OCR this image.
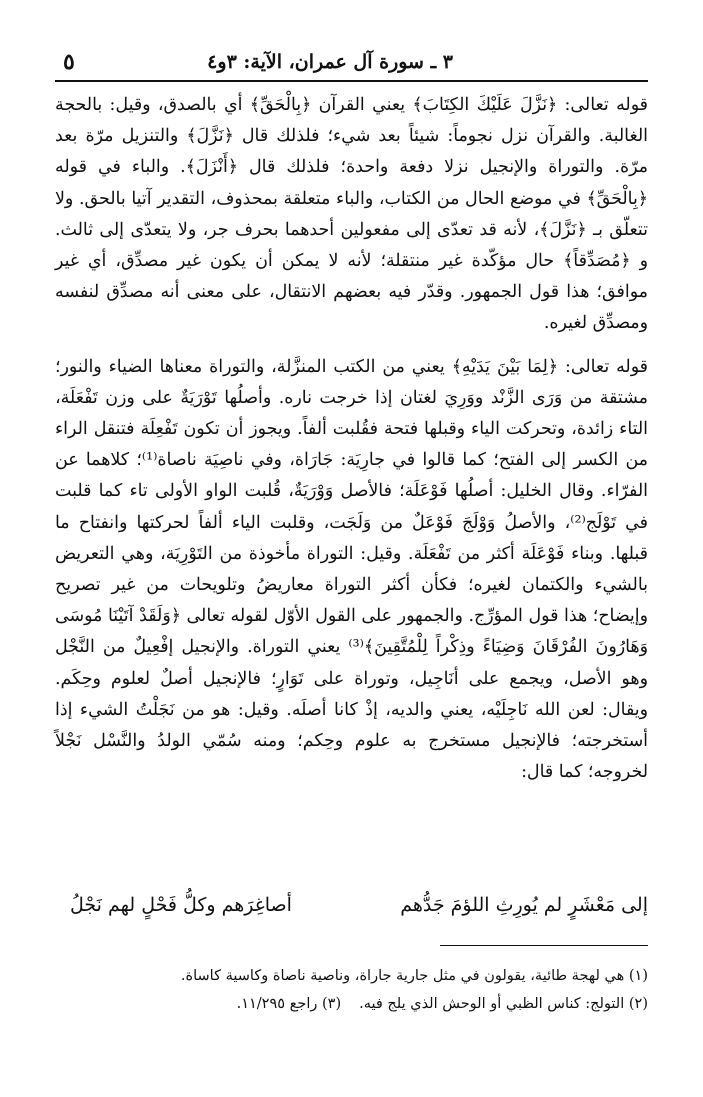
٣ ـ سورة آل عمران، الآية: ٣و٤
٥

قوله تعالى: ﴿نَزَّلَ عَلَيْكَ الكِتَابَ﴾ يعني القرآن ﴿بِالْحَقِّ﴾ أي بالصدق، وقيل: بالحجة الغالبة. والقرآن نزل نجوماً: شيئاً بعد شيء؛ فلذلك قال ﴿نَزَّلَ﴾ والتنزيل مرّة بعد مرّة. والتوراة والإنجيل نزلا دفعة واحدة؛ فلذلك قال ﴿أَنْزَلَ﴾. والباء في قوله ﴿بِالْحَقِّ﴾ في موضع الحال من الكتاب، والباء متعلقة بمحذوف، التقدير آتيا بالحق. ولا تتعلّق بـ ﴿نَزَّلَ﴾، لأنه قد تعدّى إلى مفعولين أحدهما بحرف جر، ولا يتعدّى إلى ثالث. و ﴿مُصَدِّقاً﴾ حال مؤكّدة غير منتقلة؛ لأنه لا يمكن أن يكون غير مصدِّق، أي غير موافق؛ هذا قول الجمهور. وقدّر فيه بعضهم الانتقال، على معنى أنه مصدِّق لنفسه ومصدِّق لغيره.

قوله تعالى: ﴿لِمَا بَيْنَ يَدَيْهِ﴾ يعني من الكتب المنزَّلة، والتوراة معناها الضياء والنور؛ مشتقة من وَرَى الزَّنْد ووَرِيَ لغتان إذا خرجت ناره. وأصلُها تَوْرَيَةٌ على وزن تَفْعَلَة، التاء زائدة، وتحركت الياء وقبلها فتحة فقُلبت ألفاً. ويجوز أن تكون تَفْعِلَة فتنقل الراء من الكسر إلى الفتح؛ كما قالوا في جارِيَة: جَارَاة، وفي ناصِيَة ناصاة⁽¹⁾؛ كلاهما عن الفرّاء. وقال الخليل: أصلُها فَوْعَلَة؛ فالأصل وَوْرَيَةٌ، قُلبت الواو الأولى تاء كما قلبت في تَوْلَج⁽²⁾، والأصلُ وَوْلَجَ فَوْعَلٌ من وَلَجَت، وقلبت الياء ألفاً لحركتها وانفتاح ما قبلها. وبناء فَوْعَلَة أكثر من تَفْعَلَة. وقيل: التوراة مأخوذة من التَوْرِيَة، وهي التعريض بالشيء والكتمان لغيره؛ فكأن أكثر التوراة معاريضُ وتلويحات من غير تصريح وإيضاح؛ هذا قول المؤرِّج. والجمهور على القول الأوّل لقوله تعالى ﴿وَلَقَدْ آتَيْنَا مُوسَى وَهَارُونَ الفُرْقَانَ وَضِيَاءً وذِكْراً لِلْمُتَّقِينَ﴾⁽³⁾ يعني التوراة. والإنجيل إفْعِيلٌ من النَّجْل وهو الأصل، ويجمع على أنَاجِيل، وتوراة على تَوَارٍ؛ فالإنجيل أصلٌ لعلوم وحِكَم. ويقال: لعن الله نَاجِلَيْه، يعني والديه، إذْ كانا أصلَه. وقيل: هو من نَجَلْتُ الشيء إذا أستخرجته؛ فالإنجيل مستخرج به علوم وحِكم؛ ومنه سُمّي الولدُ والنَّسْل نَجْلاً لخروجه؛ كما قال:

إلى مَعْشَرٍ لم يُورِثِ اللؤمَ جَدُّهم
أصاغِرَهم وكلُّ فَحْلٍ لهم نَجْلُ
(١) هي لهجة طائية، يقولون في مثل جارية جاراة، وناصية ناصاة وكاسية كاساة.
(٢) التولج: كناس الظبي أو الوحش الذي يلج فيه.(٣) راجع ١١/٢٩٥.
